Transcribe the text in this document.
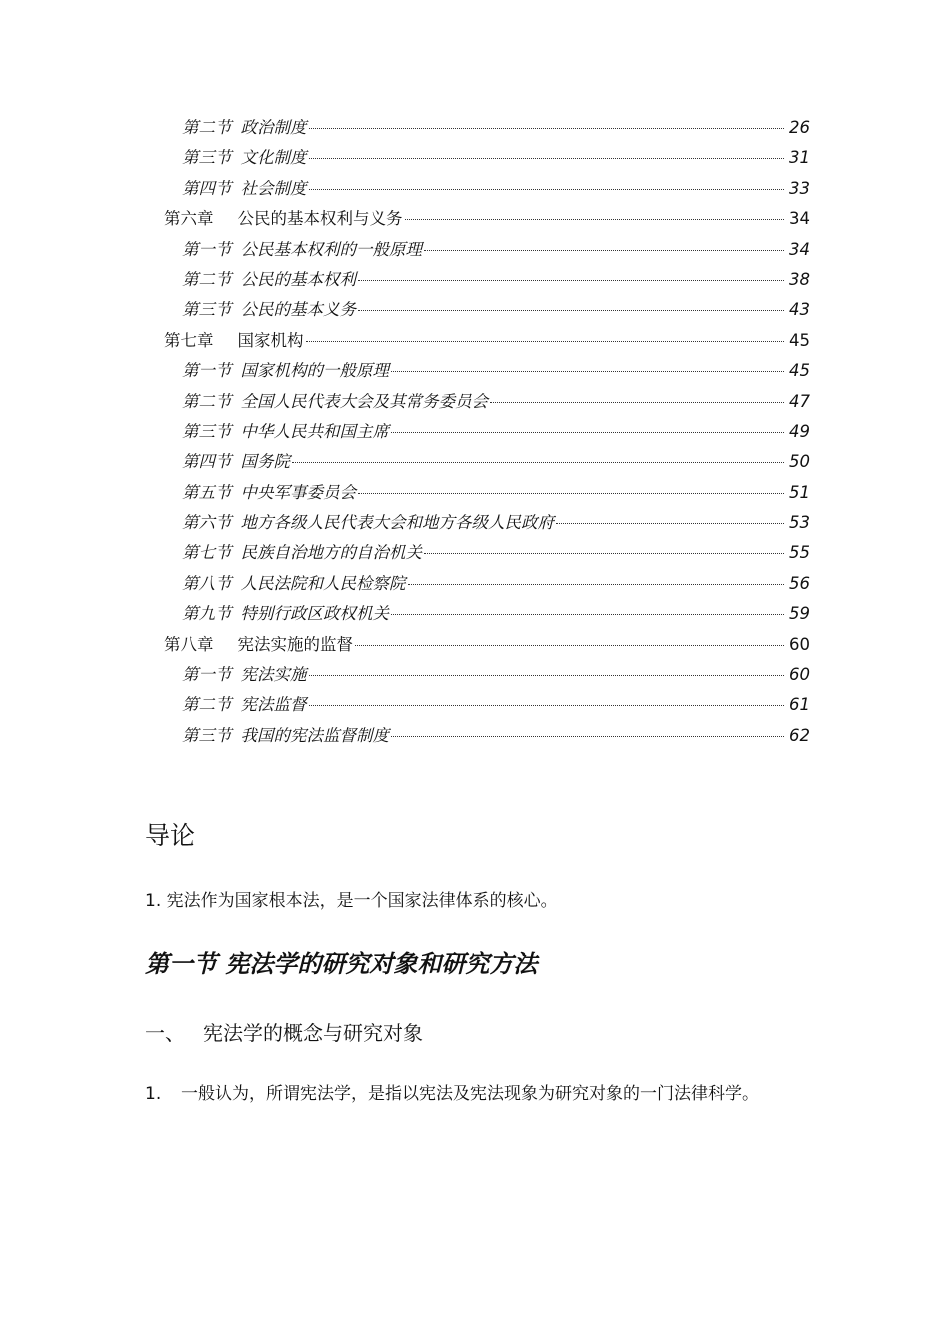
第二节 政治制度	26
第三节 文化制度	31
第四节 社会制度	33
第六章 公民的基本权利与义务	34
第一节 公民基本权利的一般原理	34
第二节 公民的基本权利	38
第三节 公民的基本义务	43
第七章 国家机构	45
第一节 国家机构的一般原理	45
第二节 全国人民代表大会及其常务委员会	47
第三节 中华人民共和国主席	49
第四节 国务院	50
第五节 中央军事委员会	51
第六节 地方各级人民代表大会和地方各级人民政府	53
第七节 民族自治地方的自治机关	55
第八节 人民法院和人民检察院	56
第九节 特别行政区政权机关	59
第八章 宪法实施的监督	60
第一节 宪法实施	60
第二节 宪法监督	61
第三节 我国的宪法监督制度	62
导论

1. 宪法作为国家根本法，是一个国家法律体系的核心。

第一节 宪法学的研究对象和研究方法
一、 宪法学的概念与研究对象

1. 一般认为，所谓宪法学，是指以宪法及宪法现象为研究对象的一门法律科学。
